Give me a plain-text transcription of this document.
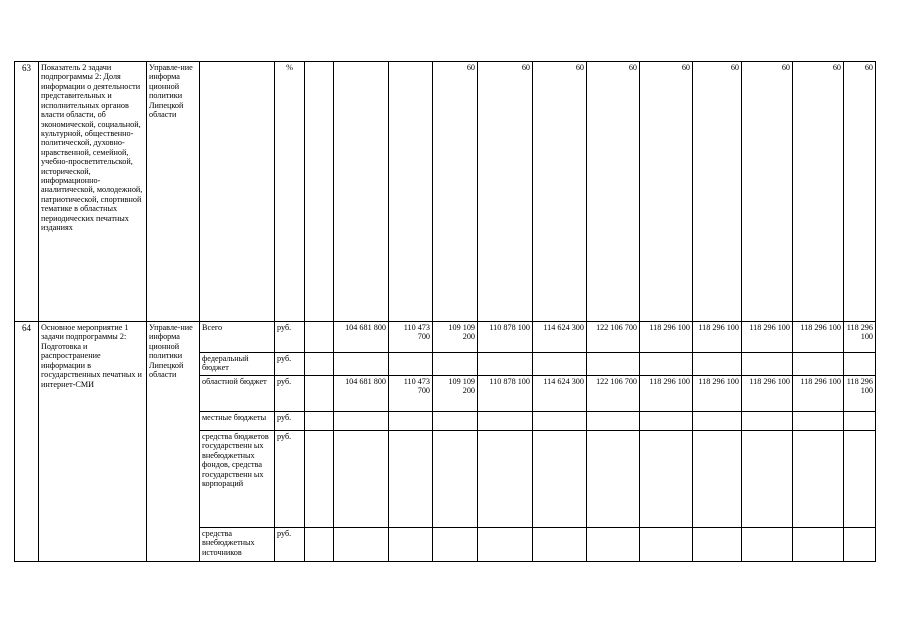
63	Показатель 2 задачи подпрограммы 2: Доля информации о деятельности представительных и исполнительных органов власти области, об экономической, социальной, культурной, общественно-политической, духовно-нравственной, семейной, учебно-просветительской, исторической, информационно-аналитической, молодежной, патриотической, спортивной тематике в областных периодических печатных изданиях	Управле-ние информа ционной политики Липецкой области		%				60	60	60	60	60	60	60	60	60
64	Основное мероприятие 1 задачи подпрограммы 2: Подготовка и распространение информации в государственных печатных и интернет-СМИ	Управле-ние информа ционной политики Липецкой области	Всего	руб.		104 681 800	110 473 700	109 109 200	110 878 100	114 624 300	122 106 700	118 296 100	118 296 100	118 296 100	118 296 100	118 296 100
			федеральный бюджет	руб.												
			областной бюджет	руб.		104 681 800	110 473 700	109 109 200	110 878 100	114 624 300	122 106 700	118 296 100	118 296 100	118 296 100	118 296 100	118 296 100
			местные бюджеты	руб.												
			средства бюджетов государственн ых внебюджетных фондов, средства государственн ых корпораций	руб.												
			средства внебюджетных источников	руб.												
